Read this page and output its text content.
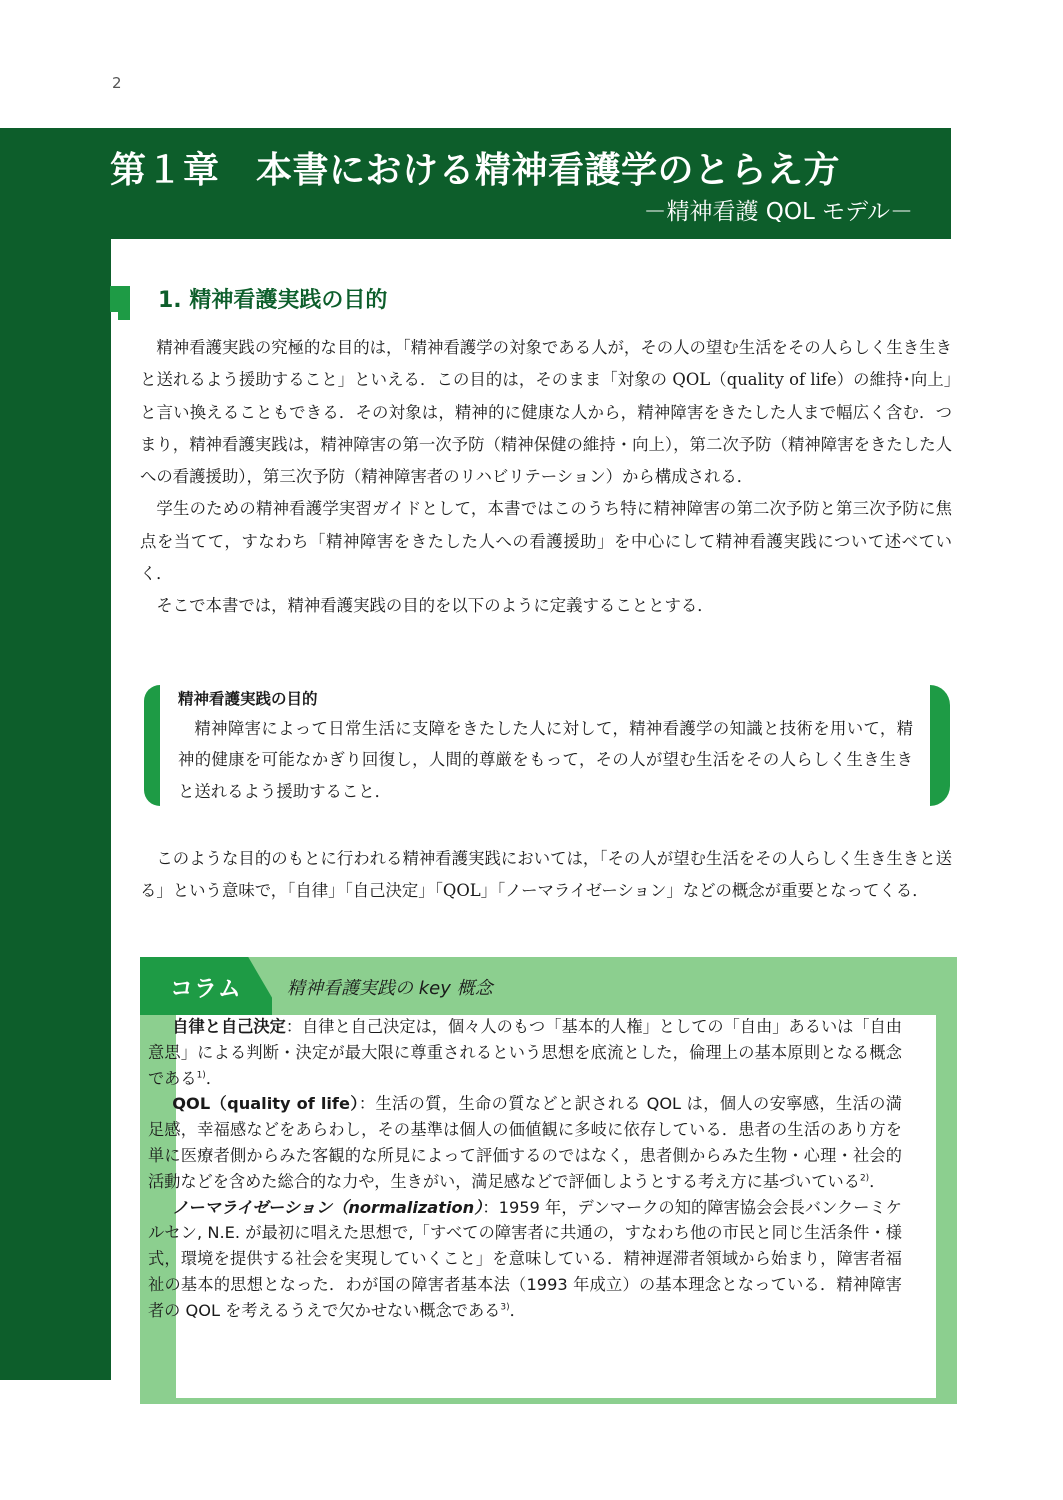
2
第１章　本書における精神看護学のとらえ方
－精神看護 QOL モデル－
1. 精神看護実践の目的

精神看護実践の究極的な目的は，「精神看護学の対象である人が，その人の望む生活をその人らしく生き生きと送れるよう援助すること」といえる．この目的は，そのまま「対象の QOL（quality of life）の維持･向上」と言い換えることもできる．その対象は，精神的に健康な人から，精神障害をきたした人まで幅広く含む．つまり，精神看護実践は，精神障害の第一次予防（精神保健の維持・向上），第二次予防（精神障害をきたした人への看護援助），第三次予防（精神障害者のリハビリテーション）から構成される．

学生のための精神看護学実習ガイドとして，本書ではこのうち特に精神障害の第二次予防と第三次予防に焦点を当てて，すなわち「精神障害をきたした人への看護援助」を中心にして精神看護実践について述べていく．

そこで本書では，精神看護実践の目的を以下のように定義することとする．

精神看護実践の目的

精神障害によって日常生活に支障をきたした人に対して，精神看護学の知識と技術を用いて，精神的健康を可能なかぎり回復し，人間的尊厳をもって，その人が望む生活をその人らしく生き生きと送れるよう援助すること．

このような目的のもとに行われる精神看護実践においては，「その人が望む生活をその人らしく生き生きと送る」という意味で，「自律」「自己決定」「QOL」「ノーマライゼーション」などの概念が重要となってくる．

コラム	精神看護実践の key 概念

自律と自己決定：自律と自己決定は，個々人のもつ「基本的人権」としての「自由」あるいは「自由意思」による判断・決定が最大限に尊重されるという思想を底流とした，倫理上の基本原則となる概念である$^{1)}$．

QOL（quality of life）：生活の質，生命の質などと訳される QOL は，個人の安寧感，生活の満足感，幸福感などをあらわし，その基準は個人の価値観に多岐に依存している．患者の生活のあり方を単に医療者側からみた客観的な所見によって評価するのではなく，患者側からみた生物・心理・社会的活動などを含めた総合的な力や，生きがい，満足感などで評価しようとする考え方に基づいている$^{2)}$．

ノーマライゼーション（normalization）：1959 年，デンマークの知的障害協会会長バンクーミケルセン, N.E. が最初に唱えた思想で,「すべての障害者に共通の，すなわち他の市民と同じ生活条件・様式，環境を提供する社会を実現していくこと」を意味している．精神遅滞者領域から始まり，障害者福祉の基本的思想となった．わが国の障害者基本法（1993 年成立）の基本理念となっている．精神障害者の QOL を考えるうえで欠かせない概念である$^{3)}$．
